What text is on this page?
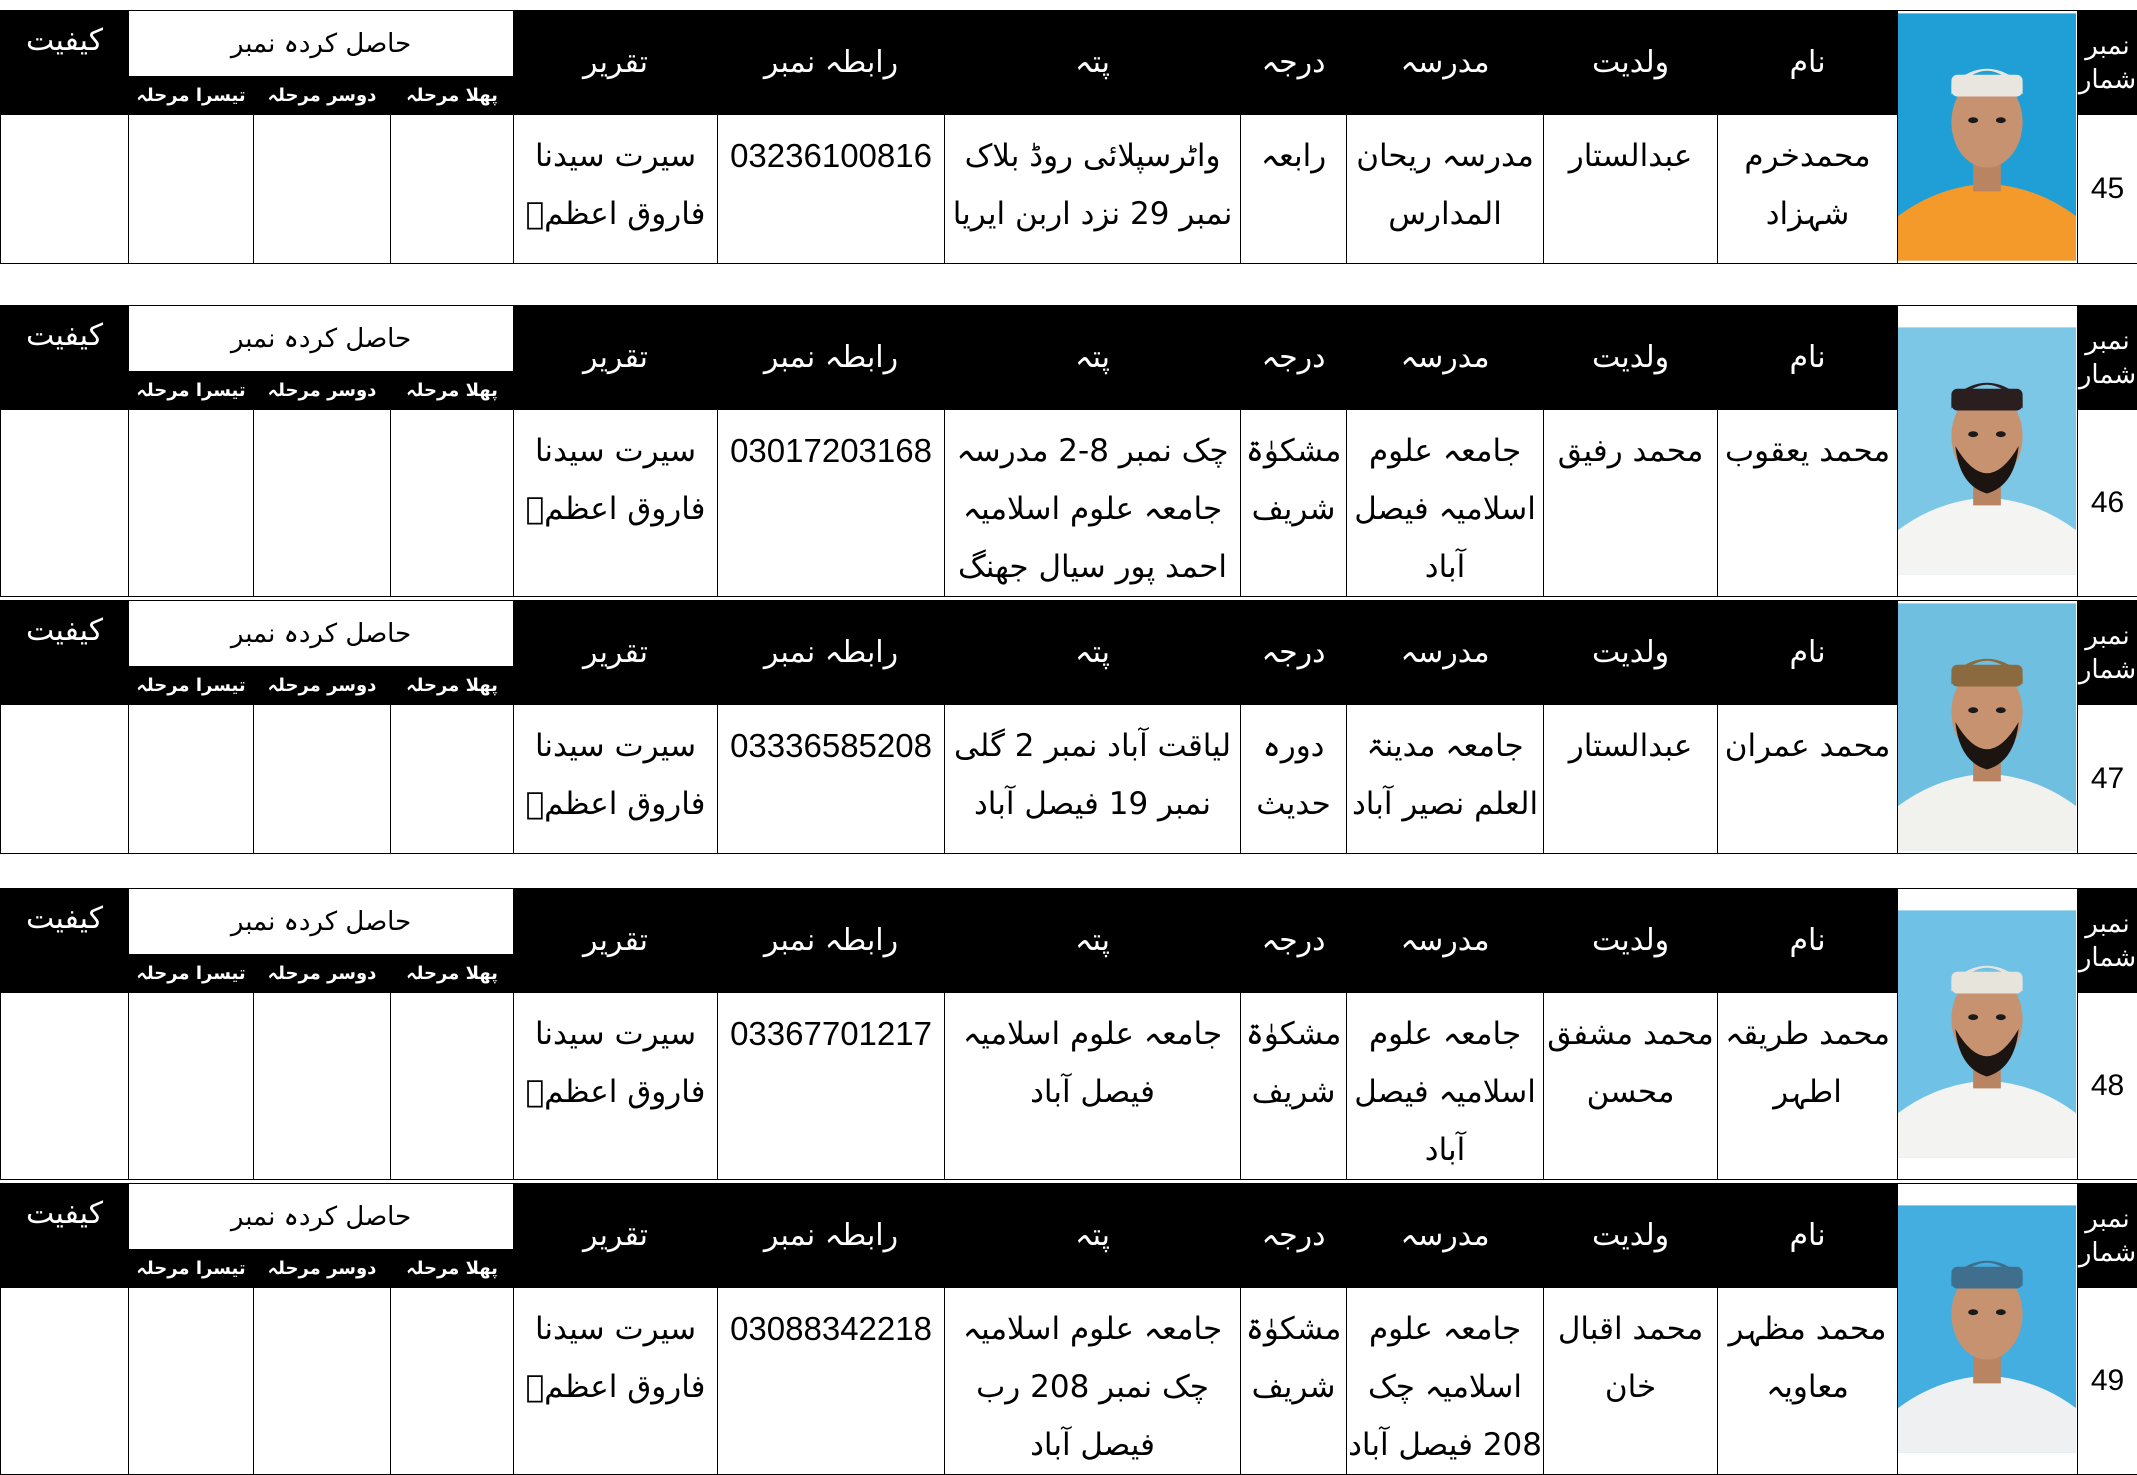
کیفیت	حاصل کردہ نمبر			تقریر	رابطہ نمبر	پتہ	درجہ	مدرسہ	ولدیت	نام		نمبر
شمار

	تیسرا مرحلہ	دوسر مرحلہ	پھلا مرحلہ									
				سیرت سیدنا فاروق اعظمؓ	03236100816	واٹرسپلائی روڈ بلاک نمبر 29 نزد اربن ایریا	رابعہ	مدرسہ ریحان المدارس	عبدالستار	محمدخرم شہزاد		45
کیفیت	حاصل کردہ نمبر			تقریر	رابطہ نمبر	پتہ	درجہ	مدرسہ	ولدیت	نام		نمبر
شمار

	تیسرا مرحلہ	دوسر مرحلہ	پھلا مرحلہ									
				سیرت سیدنا فاروق اعظمؓ	03017203168	چک نمبر 8-2 مدرسہ جامعہ علوم اسلامیہ احمد پور سیال جھنگ	مشکوٰۃ شریف	جامعہ علوم اسلامیہ فیصل آباد	محمد رفیق	محمد یعقوب		46
کیفیت	حاصل کردہ نمبر			تقریر	رابطہ نمبر	پتہ	درجہ	مدرسہ	ولدیت	نام		نمبر
شمار

	تیسرا مرحلہ	دوسر مرحلہ	پھلا مرحلہ									
				سیرت سیدنا فاروق اعظمؓ	03336585208	لیاقت آباد نمبر 2 گلی نمبر 19 فیصل آباد	دورہ حدیث	جامعہ مدینۃ العلم نصیر آباد	عبدالستار	محمد عمران		47
کیفیت	حاصل کردہ نمبر			تقریر	رابطہ نمبر	پتہ	درجہ	مدرسہ	ولدیت	نام		نمبر
شمار

	تیسرا مرحلہ	دوسر مرحلہ	پھلا مرحلہ									
				سیرت سیدنا فاروق اعظمؓ	03367701217	جامعہ علوم اسلامیہ فیصل آباد	مشکوٰۃ شریف	جامعہ علوم اسلامیہ فیصل آباد	محمد مشفق محسن	محمد طریقہ اطہر		48
کیفیت	حاصل کردہ نمبر			تقریر	رابطہ نمبر	پتہ	درجہ	مدرسہ	ولدیت	نام		نمبر
شمار

	تیسرا مرحلہ	دوسر مرحلہ	پھلا مرحلہ									
				سیرت سیدنا فاروق اعظمؓ	03088342218	جامعہ علوم اسلامیہ چک نمبر 208 رب فیصل آباد	مشکوٰۃ شریف	جامعہ علوم اسلامیہ چک 208 فیصل آباد	محمد اقبال خان	محمد مظہر معاویہ		49
